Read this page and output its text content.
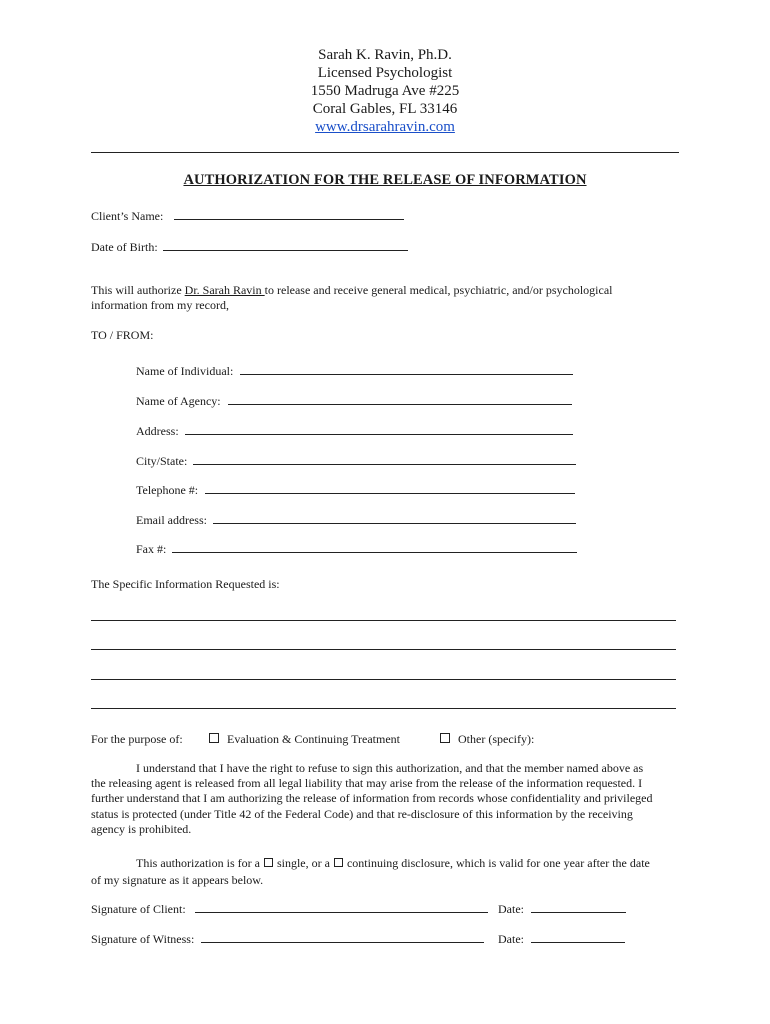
Sarah K. Ravin, Ph.D.
Licensed Psychologist
1550 Madruga Ave #225
Coral Gables, FL 33146
www.drsarahravin.com
AUTHORIZATION FOR THE RELEASE OF INFORMATION
Client’s Name:
Date of Birth:
This will authorize Dr. Sarah Ravin to release and receive general medical, psychiatric, and/or psychological
information from my record,
TO / FROM:
Name of Individual:
Name of Agency:
Address:
City/State:
Telephone #:
Email address:
Fax #:
The Specific Information Requested is:
For the purpose of:	Evaluation & Continuing Treatment	Other (specify):
I understand that I have the right to refuse to sign this authorization, and that the member named above as
the releasing agent is released from all legal liability that may arise from the release of the information requested. I
further understand that I am authorizing the release of information from records whose confidentiality and privileged
status is protected (under Title 42 of the Federal Code) and that re-disclosure of this information by the receiving
agency is prohibited.
This authorization is for a single, or a continuing disclosure, which is valid for one year after the date
of my signature as it appears below.
Signature of Client:	Date:
Signature of Witness:	Date:
